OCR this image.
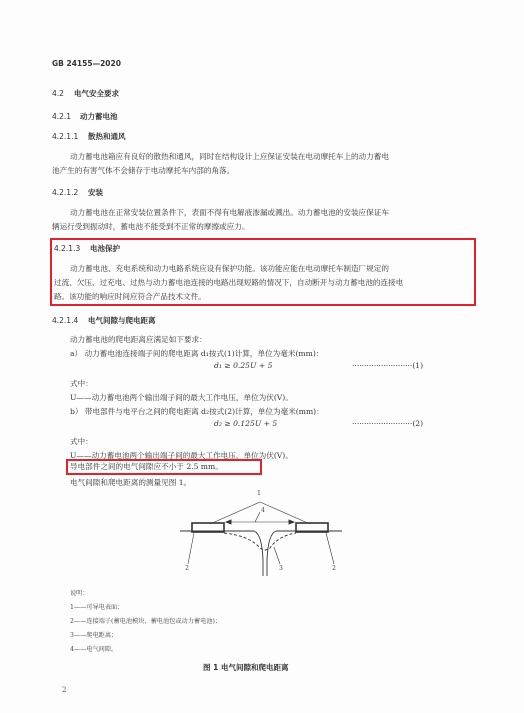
GB 24155—2020
4.2 电气安全要求
4.2.1 动力蓄电池
4.2.1.1 散热和通风
动力蓄电池箱应有良好的散热和通风，同时在结构设计上应保证安装在电动摩托车上的动力蓄电
池产生的有害气体不会储存于电动摩托车内部的角落。
4.2.1.2 安装
动力蓄电池在正常安装位置条件下，表面不得有电解液渗漏或溅出。动力蓄电池的安装应保证车
辆运行受到振动时，蓄电池不能受到不正常的摩擦或应力。
4.2.1.3 电池保护
动力蓄电池、充电系统和动力电路系统应设有保护功能。该功能应能在电动摩托车制造厂规定的
过流、欠压、过充电、过热与动力蓄电池连接的电路出现短路的情况下，自动断开与动力蓄电池的连接电
路。该功能的响应时间应符合产品技术文件。
4.2.1.4 电气间隙与爬电距离
动力蓄电池的爬电距离应满足如下要求：
a） 动力蓄电池连接端子间的爬电距离 d₁按式(1)计算，单位为毫米(mm)：
d₁ ≥ 0.25U + 5	·························(1)
式中：
U——动力蓄电池两个输出端子间的最大工作电压，单位为伏(V)。
b） 带电部件与电平台之间的爬电距离 d₂按式(2)计算，单位为毫米(mm)：
d₂ ≥ 0.125U + 5	·························(2)
式中：
U——动力蓄电池两个输出端子间的最大工作电压，单位为伏(V)。
导电部件之间的电气间隙应不小于 2.5 mm。
电气间隙和爬电距离的测量见图 1。
1
4
2	3	2
说明：
1——可导电表面；
2——连接端子(蓄电池模块、蓄电池包或动力蓄电池)；
3——爬电距离；
4——电气间隙。
图 1 电气间隙和爬电距离
2
